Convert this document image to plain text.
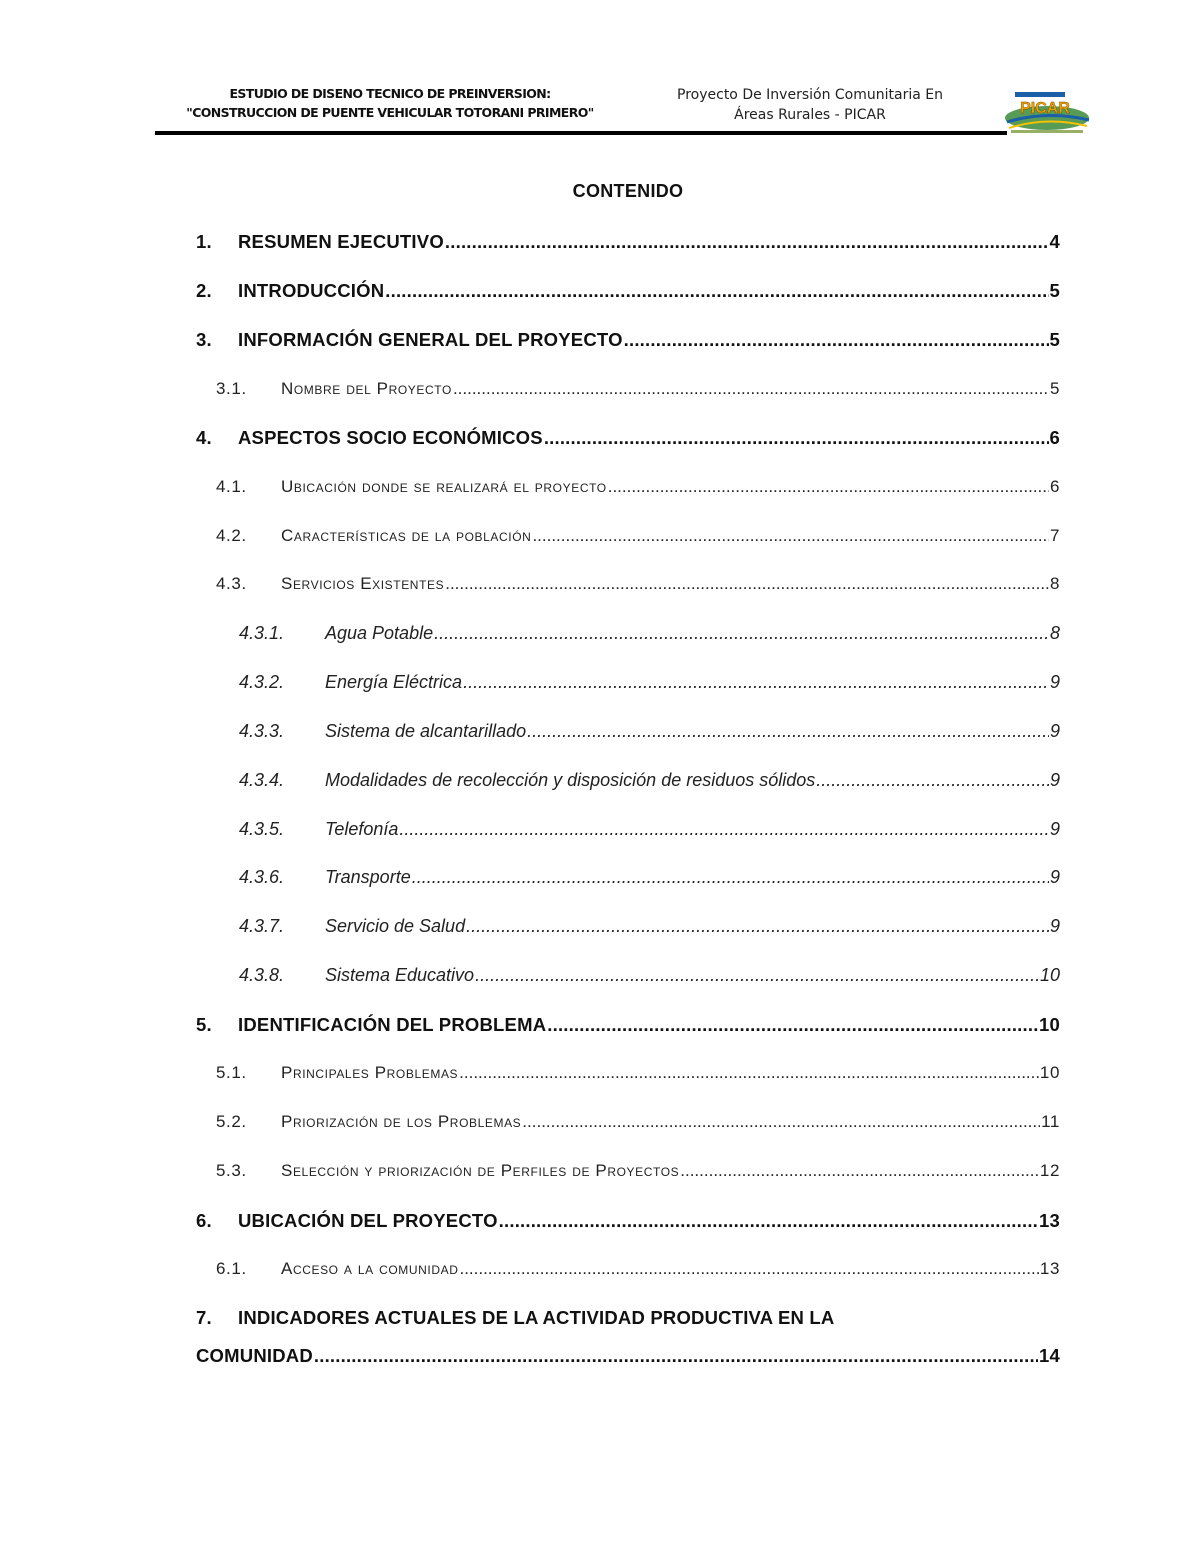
ESTUDIO DE DISENO TECNICO DE PREINVERSION:
"CONSTRUCCION DE PUENTE VEHICULAR TOTORANI PRIMERO"
Proyecto De Inversión Comunitaria En
Áreas Rurales - PICAR	PICAR
CONTENIDO
1. RESUMEN EJECUTIVO .....	4
2. INTRODUCCIÓN .....	5
3. INFORMACIÓN GENERAL DEL PROYECTO .....	5
3.1. Nombre del Proyecto .....	5
4. ASPECTOS SOCIO ECONÓMICOS .....	6
4.1. Ubicación donde se realizará el proyecto .....	6
4.2. Características de la población .....	7
4.3. Servicios Existentes .....	8
4.3.1. Agua Potable .....	8
4.3.2. Energía Eléctrica .....	9
4.3.3. Sistema de alcantarillado .....	9
4.3.4. Modalidades de recolección y disposición de residuos sólidos .....	9
4.3.5. Telefonía .....	9
4.3.6. Transporte .....	9
4.3.7. Servicio de Salud .....	9
4.3.8. Sistema Educativo .....	10
5. IDENTIFICACIÓN DEL PROBLEMA .....	10
5.1. Principales Problemas .....	10
5.2. Priorización de los Problemas .....	11
5.3. Selección y priorización de Perfiles de Proyectos .....	12
6. UBICACIÓN DEL PROYECTO .....	13
6.1. Acceso a la comunidad .....	13
7. INDICADORES ACTUALES DE LA ACTIVIDAD PRODUCTIVA EN LA
COMUNIDAD .....	14
